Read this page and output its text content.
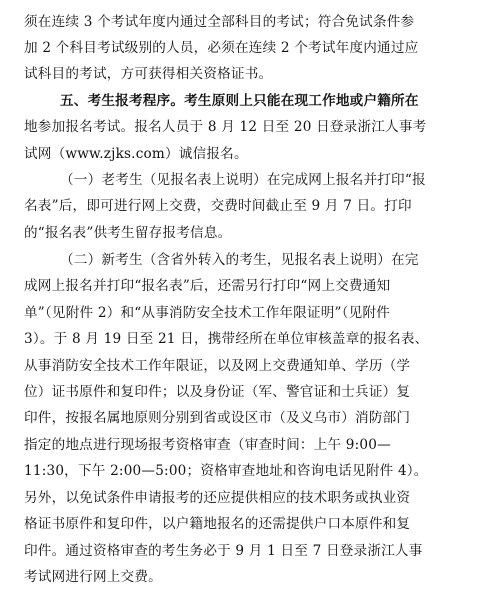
须在连续 3 个考试年度内通过全部科目的考试；符合免试条件参
加 2 个科目考试级别的人员，必须在连续 2 个考试年度内通过应
试科目的考试，方可获得相关资格证书。
五、考生报考程序。考生原则上只能在现工作地或户籍所在
地参加报名考试。报名人员于 8 月 12 日至 20 日登录浙江人事考
试网（www.zjks.com）诚信报名。
（一）老考生（见报名表上说明）在完成网上报名并打印“报
名表”后，即可进行网上交费，交费时间截止至 9 月 7 日。打印
的“报名表”供考生留存报考信息。
（二）新考生（含省外转入的考生，见报名表上说明）在完
成网上报名并打印“报名表”后，还需另行打印“网上交费通知
单”（见附件 2）和“从事消防安全技术工作年限证明”（见附件
3）。于 8 月 19 日至 21 日，携带经所在单位审核盖章的报名表、
从事消防安全技术工作年限证，以及网上交费通知单、学历（学
位）证书原件和复印件；以及身份证（军、警官证和士兵证）复
印件，按报名属地原则分别到省或设区市（及义乌市）消防部门
指定的地点进行现场报考资格审查（审查时间：上午 9:00—
11:30，下午 2:00—5:00；资格审查地址和咨询电话见附件 4）。
另外，以免试条件申请报考的还应提供相应的技术职务或执业资
格证书原件和复印件，以户籍地报名的还需提供户口本原件和复
印件。通过资格审查的考生务必于 9 月 1 日至 7 日登录浙江人事
考试网进行网上交费。
